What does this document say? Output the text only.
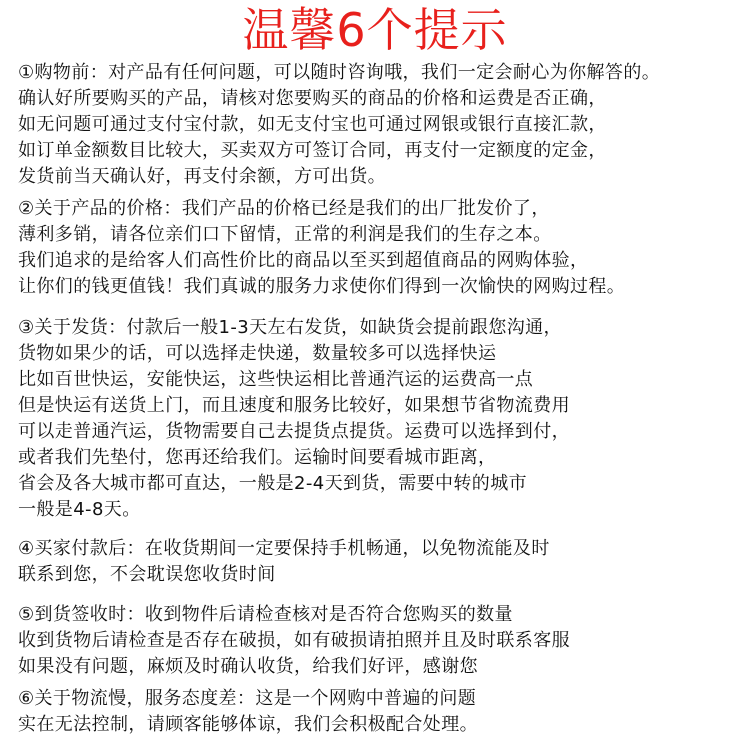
温馨6个提示
①购物前：对产品有任何问题，可以随时咨询哦，我们一定会耐心为你解答的。
确认好所要购买的产品，请核对您要购买的商品的价格和运费是否正确，
如无问题可通过支付宝付款，如无支付宝也可通过网银或银行直接汇款，
如订单金额数目比较大，买卖双方可签订合同，再支付一定额度的定金，
发货前当天确认好，再支付余额，方可出货。
②关于产品的价格：我们产品的价格已经是我们的出厂批发价了，
薄利多销，请各位亲们口下留情，正常的利润是我们的生存之本。
我们追求的是给客人们高性价比的商品以至买到超值商品的网购体验，
让你们的钱更值钱！我们真诚的服务力求使你们得到一次愉快的网购过程。
③关于发货：付款后一般1-3天左右发货，如缺货会提前跟您沟通，
货物如果少的话，可以选择走快递，数量较多可以选择快运
比如百世快运，安能快运，这些快运相比普通汽运的运费高一点
但是快运有送货上门，而且速度和服务比较好，如果想节省物流费用
可以走普通汽运，货物需要自己去提货点提货。运费可以选择到付，
或者我们先垫付，您再还给我们。运输时间要看城市距离，
省会及各大城市都可直达，一般是2-4天到货，需要中转的城市
一般是4-8天。
④买家付款后：在收货期间一定要保持手机畅通，以免物流能及时
联系到您，不会耽误您收货时间
⑤到货签收时：收到物件后请检查核对是否符合您购买的数量
收到货物后请检查是否存在破损，如有破损请拍照并且及时联系客服
如果没有问题，麻烦及时确认收货，给我们好评，感谢您
⑥关于物流慢，服务态度差：这是一个网购中普遍的问题
实在无法控制，请顾客能够体谅，我们会积极配合处理。
